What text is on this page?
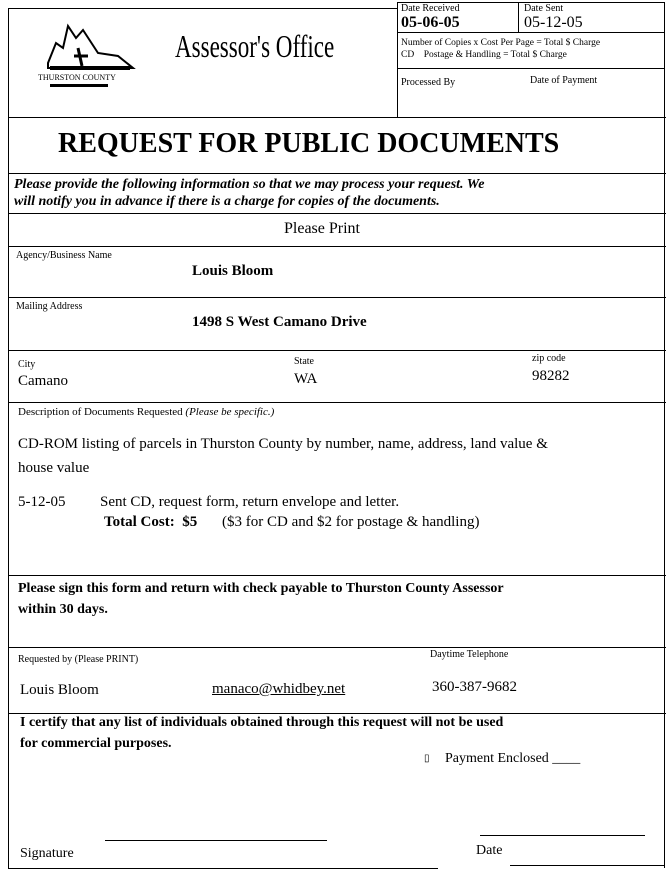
THURSTON COUNTY
Assessor's Office
Date Received
05-06-05
Date Sent
05-12-05
Number of Copies x Cost Per Page = Total $ Charge
CD    Postage & Handling = Total $ Charge
Processed By	Date of Payment
REQUEST FOR PUBLIC DOCUMENTS
Please provide the following information so that we may process your request. We
will notify you in advance if there is a charge for copies of the documents.
Please Print
Agency/Business Name
Louis Bloom
Mailing Address
1498 S West Camano Drive
City
Camano
State
WA
zip code
98282
Description of Documents Requested (Please be specific.)
CD-ROM listing of parcels in Thurston County by number, name, address, land value &
house value
5-12-05 Sent CD, request form, return envelope and letter.
Total Cost:  $5 ($3 for CD and $2 for postage & handling)
Please sign this form and return with check payable to Thurston County Assessor
within 30 days.
Requested by (Please PRINT)
Louis Bloom	manaco@whidbey.net
Daytime Telephone
360-387-9682
I certify that any list of individuals obtained through this request will not be used
for commercial purposes.
▯ Payment Enclosed ____
Signature	Date
